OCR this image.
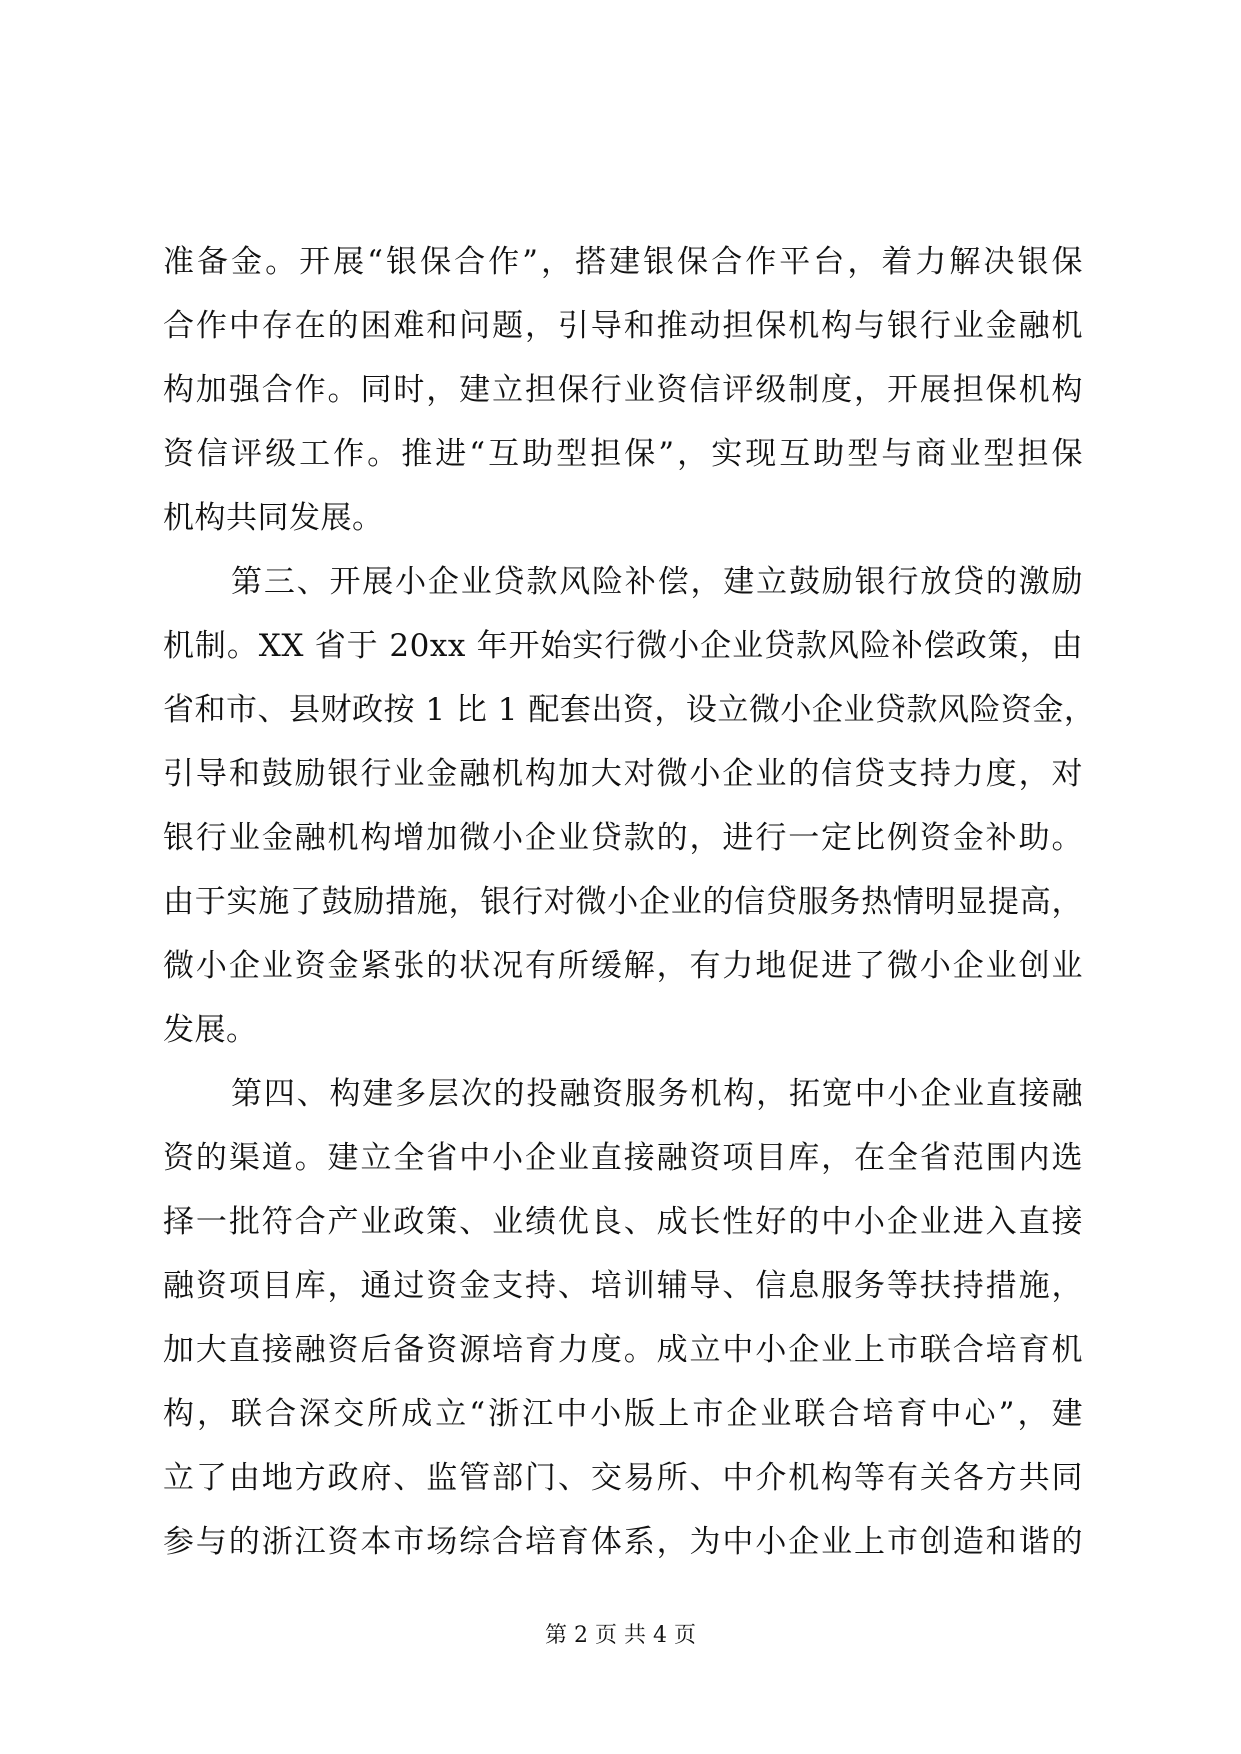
准备金。开展“银保合作”，搭建银保合作平台，着力解决银保
合作中存在的困难和问题，引导和推动担保机构与银行业金融机
构加强合作。同时，建立担保行业资信评级制度，开展担保机构
资信评级工作。推进“互助型担保”，实现互助型与商业型担保
机构共同发展。
第三、开展小企业贷款风险补偿，建立鼓励银行放贷的激励
机制。XX 省于 20xx 年开始实行微小企业贷款风险补偿政策，由
省和市、县财政按 1 比 1 配套出资，设立微小企业贷款风险资金，
引导和鼓励银行业金融机构加大对微小企业的信贷支持力度，对
银行业金融机构增加微小企业贷款的，进行一定比例资金补助。
由于实施了鼓励措施，银行对微小企业的信贷服务热情明显提高，
微小企业资金紧张的状况有所缓解，有力地促进了微小企业创业
发展。
第四、构建多层次的投融资服务机构，拓宽中小企业直接融
资的渠道。建立全省中小企业直接融资项目库，在全省范围内选
择一批符合产业政策、业绩优良、成长性好的中小企业进入直接
融资项目库，通过资金支持、培训辅导、信息服务等扶持措施，
加大直接融资后备资源培育力度。成立中小企业上市联合培育机
构，联合深交所成立“浙江中小版上市企业联合培育中心”，建
立了由地方政府、监管部门、交易所、中介机构等有关各方共同
参与的浙江资本市场综合培育体系，为中小企业上市创造和谐的
第 2 页 共 4 页
